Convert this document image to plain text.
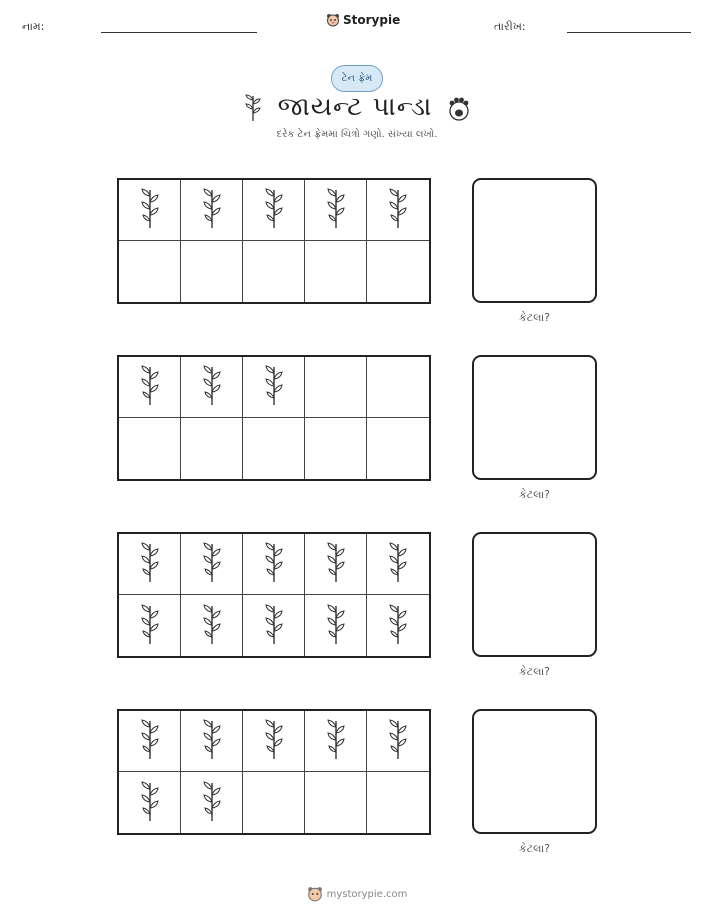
નામ:	Storypie	તારીખ:
ટેન ફ્રેમ
જાયન્ટ પાન્ડા
દરેક ટેન ફ્રેમમાં ચિત્રો ગણો. સંખ્યા લખો.
કેટલા?
કેટલા?
કેટલા?
કેટલા?
mystorypie.com
